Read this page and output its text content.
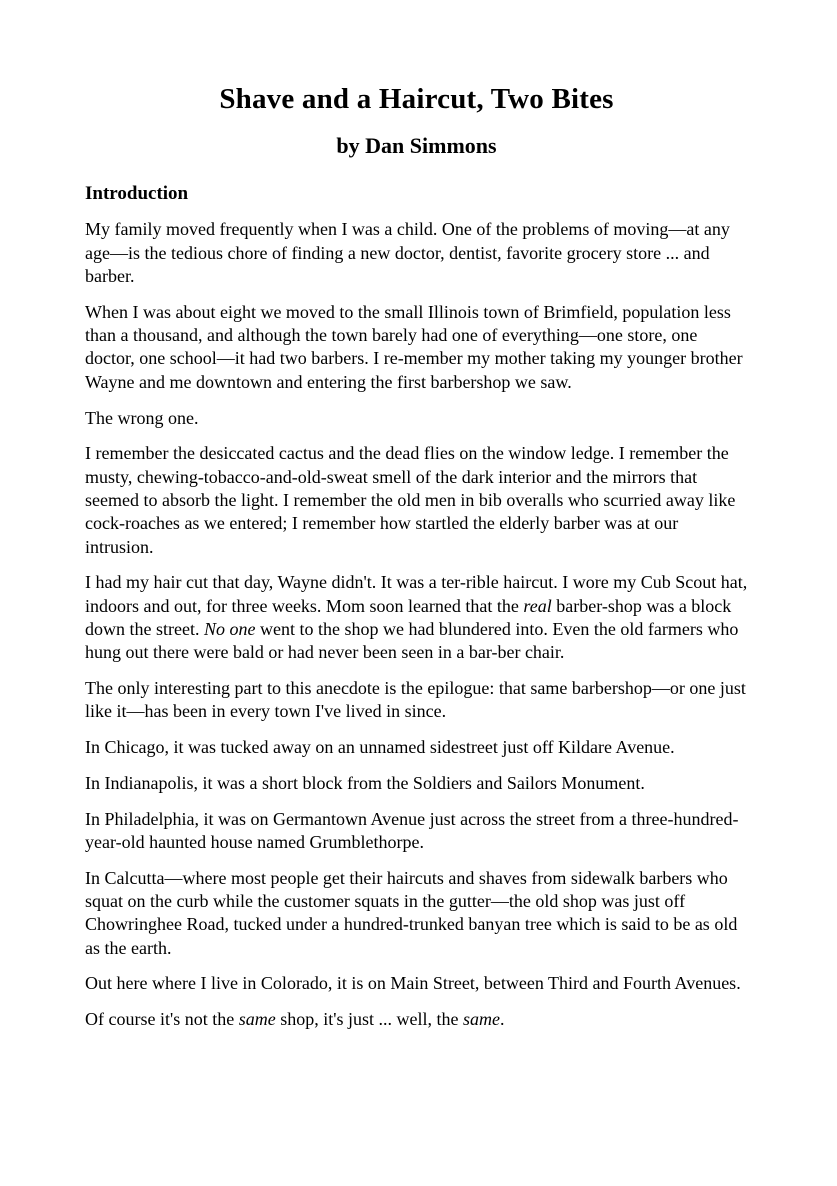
Shave and a Haircut, Two Bites
by Dan Simmons
Introduction

My family moved frequently when I was a child. One of the problems of moving—at any age—is the tedious chore of finding a new doctor, dentist, favorite grocery store ... and barber.

When I was about eight we moved to the small Illinois town of Brimfield, population less than a thousand, and although the town barely had one of everything—one store, one doctor, one school—it had two barbers. I re-member my mother taking my younger brother Wayne and me downtown and entering the first barbershop we saw.

The wrong one.

I remember the desiccated cactus and the dead flies on the window ledge. I remember the musty, chewing-tobacco-and-old-sweat smell of the dark interior and the mirrors that seemed to absorb the light. I remember the old men in bib overalls who scurried away like cock-roaches as we entered; I remember how startled the elderly barber was at our intrusion.

I had my hair cut that day, Wayne didn't. It was a ter-rible haircut. I wore my Cub Scout hat, indoors and out, for three weeks. Mom soon learned that the real barber-shop was a block down the street. No one went to the shop we had blundered into. Even the old farmers who hung out there were bald or had never been seen in a bar-ber chair.

The only interesting part to this anecdote is the epilogue: that same barbershop—or one just like it—has been in every town I've lived in since.

In Chicago, it was tucked away on an unnamed sidestreet just off Kildare Avenue.

In Indianapolis, it was a short block from the Soldiers and Sailors Monument.

In Philadelphia, it was on Germantown Avenue just across the street from a three-hundred-year-old haunted house named Grumblethorpe.

In Calcutta—where most people get their haircuts and shaves from sidewalk barbers who squat on the curb while the customer squats in the gutter—the old shop was just off Chowringhee Road, tucked under a hundred-trunked banyan tree which is said to be as old as the earth.

Out here where I live in Colorado, it is on Main Street, between Third and Fourth Avenues.

Of course it's not the same shop, it's just ... well, the same.
